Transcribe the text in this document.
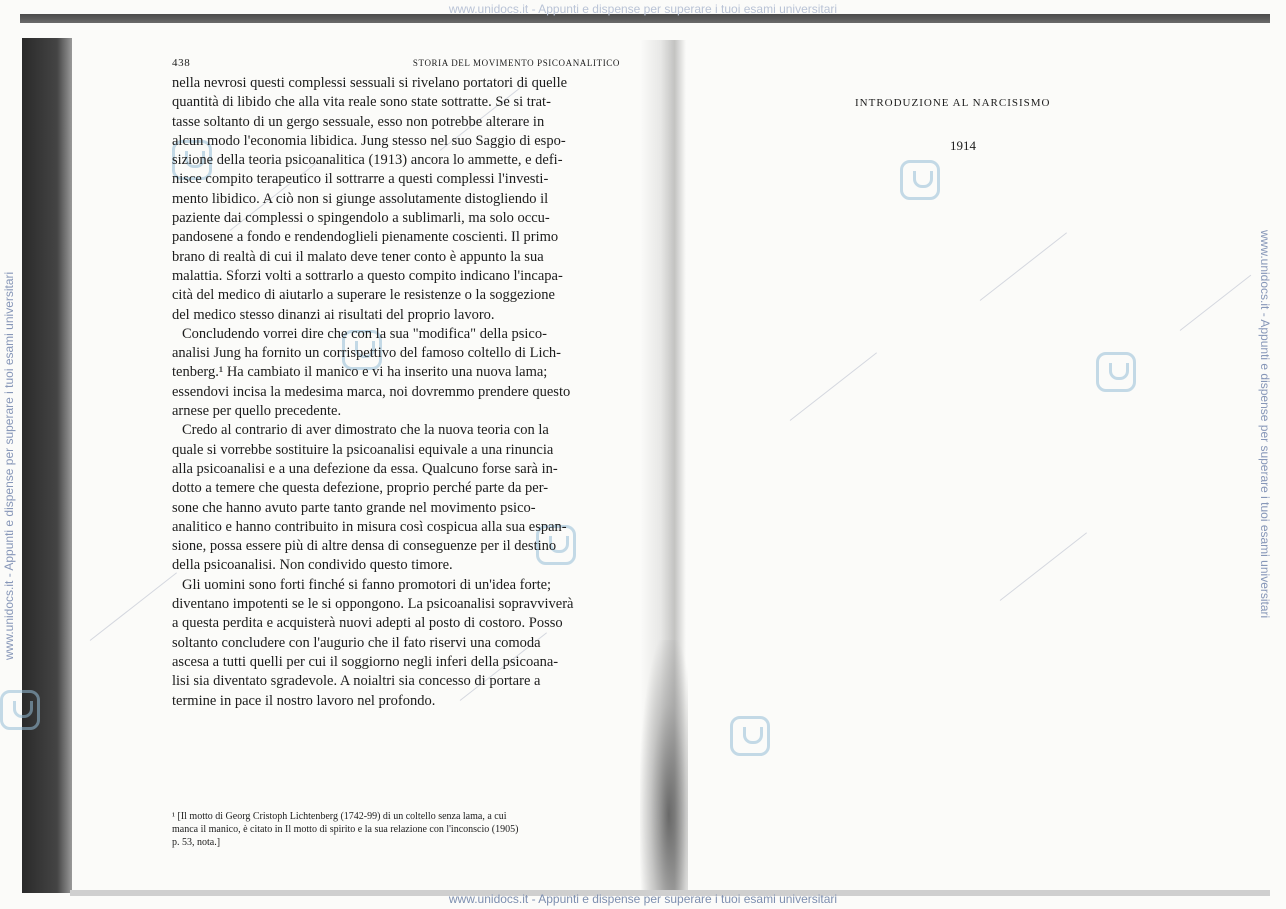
www.unidocs.it - Appunti e dispense per superare i tuoi esami universitari
www.unidocs.it - Appunti e dispense per superare i tuoi esami universitari
www.unidocs.it - Appunti e dispense per superare i tuoi esami universitari	www.unidocs.it - Appunti e dispense per superare i tuoi esami universitari
438	STORIA DEL MOVIMENTO PSICOANALITICO
nella nevrosi questi complessi sessuali si rivelano portatori di quelle
quantità di libido che alla vita reale sono state sottratte. Se si trat-
tasse soltanto di un gergo sessuale, esso non potrebbe alterare in
alcun modo l'economia libidica. Jung stesso nel suo Saggio di espo-
sizione della teoria psicoanalitica (1913) ancora lo ammette, e defi-
nisce compito terapeutico il sottrarre a questi complessi l'investi-
mento libidico. A ciò non si giunge assolutamente distogliendo il
paziente dai complessi o spingendolo a sublimarli, ma solo occu-
pandosene a fondo e rendendoglieli pienamente coscienti. Il primo
brano di realtà di cui il malato deve tener conto è appunto la sua
malattia. Sforzi volti a sottrarlo a questo compito indicano l'incapa-
cità del medico di aiutarlo a superare le resistenze o la soggezione
del medico stesso dinanzi ai risultati del proprio lavoro.
Concludendo vorrei dire che con la sua "modifica" della psico-
analisi Jung ha fornito un corrispettivo del famoso coltello di Lich-
tenberg.¹ Ha cambiato il manico e vi ha inserito una nuova lama;
essendovi incisa la medesima marca, noi dovremmo prendere questo
arnese per quello precedente.
Credo al contrario di aver dimostrato che la nuova teoria con la
quale si vorrebbe sostituire la psicoanalisi equivale a una rinuncia
alla psicoanalisi e a una defezione da essa. Qualcuno forse sarà in-
dotto a temere che questa defezione, proprio perché parte da per-
sone che hanno avuto parte tanto grande nel movimento psico-
analitico e hanno contribuito in misura così cospicua alla sua espan-
sione, possa essere più di altre densa di conseguenze per il destino
della psicoanalisi. Non condivido questo timore.
Gli uomini sono forti finché si fanno promotori di un'idea forte;
diventano impotenti se le si oppongono. La psicoanalisi sopravviverà
a questa perdita e acquisterà nuovi adepti al posto di costoro. Posso
soltanto concludere con l'augurio che il fato riservi una comoda
ascesa a tutti quelli per cui il soggiorno negli inferi della psicoana-
lisi sia diventato sgradevole. A noialtri sia concesso di portare a
termine in pace il nostro lavoro nel profondo.
¹ [Il motto di Georg Cristoph Lichtenberg (1742-99) di un coltello senza lama, a cui
manca il manico, è citato in Il motto di spirito e la sua relazione con l'inconscio (1905)
p. 53, nota.]
INTRODUZIONE AL NARCISISMO
1914
